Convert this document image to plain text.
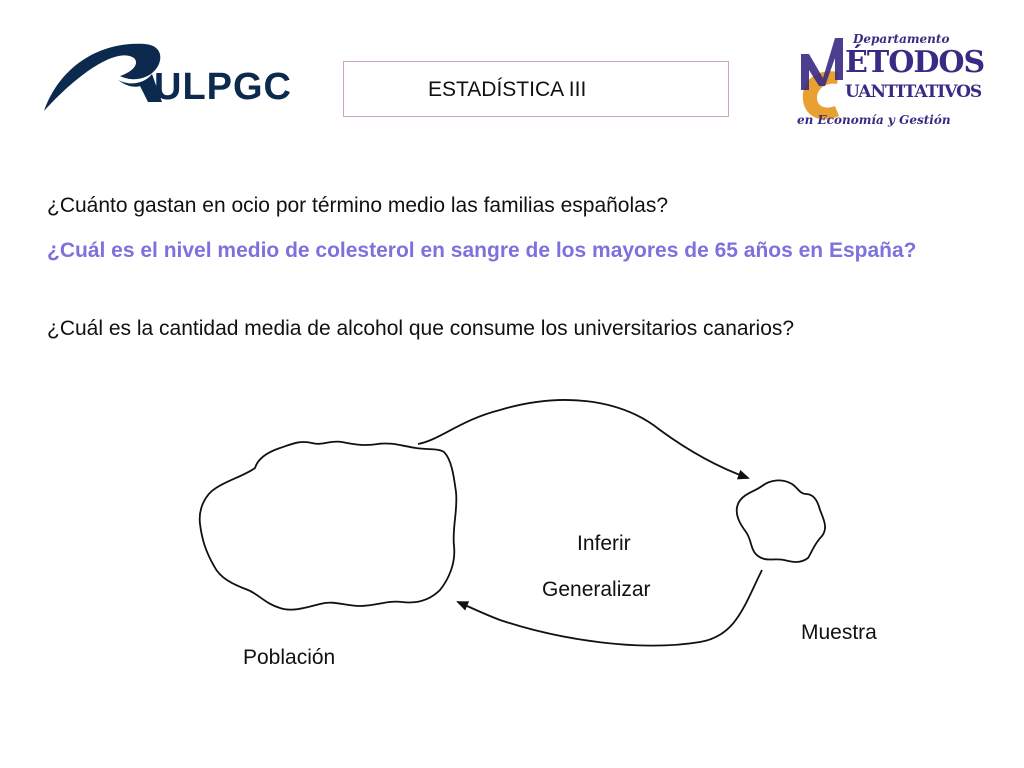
ULPGC	ESTADÍSTICA III
Departamento
ÉTODOS
UANTITATIVOS
en Economía y Gestión

¿Cuánto gastan en ocio por término medio las familias españolas?

¿Cuál es el nivel medio de colesterol en sangre de los mayores de 65 años en España?

¿Cuál es la cantidad media de alcohol que consume los universitarios canarios?

Inferir
Generalizar
Muestra
Población
